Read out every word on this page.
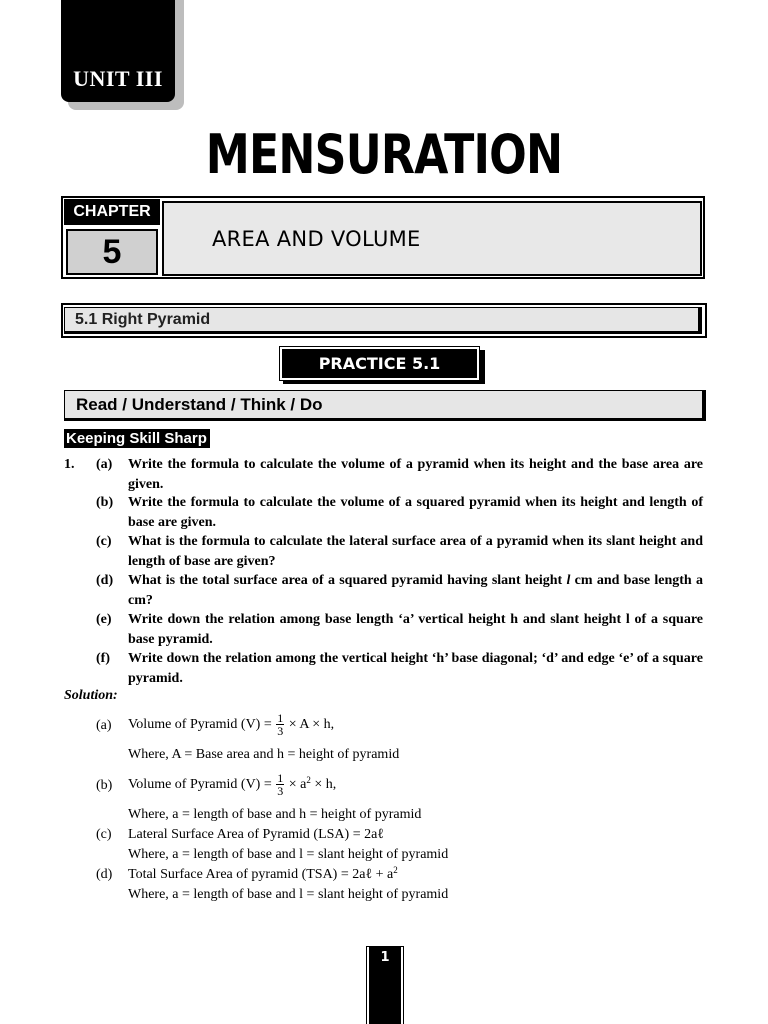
UNIT III
MENSURATION
CHAPTER
5	AREA AND VOLUME
5.1 Right Pyramid
PRACTICE 5.1
Read / Understand / Think / Do
Keeping Skill Sharp
1. (a) Write the formula to calculate the volume of a pyramid when its height and the base area are given.
(b) Write the formula to calculate the volume of a squared pyramid when its height and length of base are given.
(c) What is the formula to calculate the lateral surface area of a pyramid when its slant height and length of base are given?
(d) What is the total surface area of a squared pyramid having slant height l cm and base length a cm?
(e) Write down the relation among base length ‘a’ vertical height h and slant height l of a square base pyramid.
(f) Write down the relation among the vertical height ‘h’ base diagonal; ‘d’ and edge ‘e’ of a square pyramid.
Solution:
(a) Volume of Pyramid $(V) = \frac{1}{3} \times A \times h$,
Where, A = Base area and h = height of pyramid
(b) Volume of Pyramid $(V) = \frac{1}{3} \times a^2 \times h$,
Where, a = length of base and h = height of pyramid
(c) Lateral Surface Area of Pyramid (LSA) = 2aℓ
Where, a = length of base and l = slant height of pyramid
(d) Total Surface Area of pyramid (TSA) = 2aℓ + $a^2$
Where, a = length of base and l = slant height of pyramid
1
